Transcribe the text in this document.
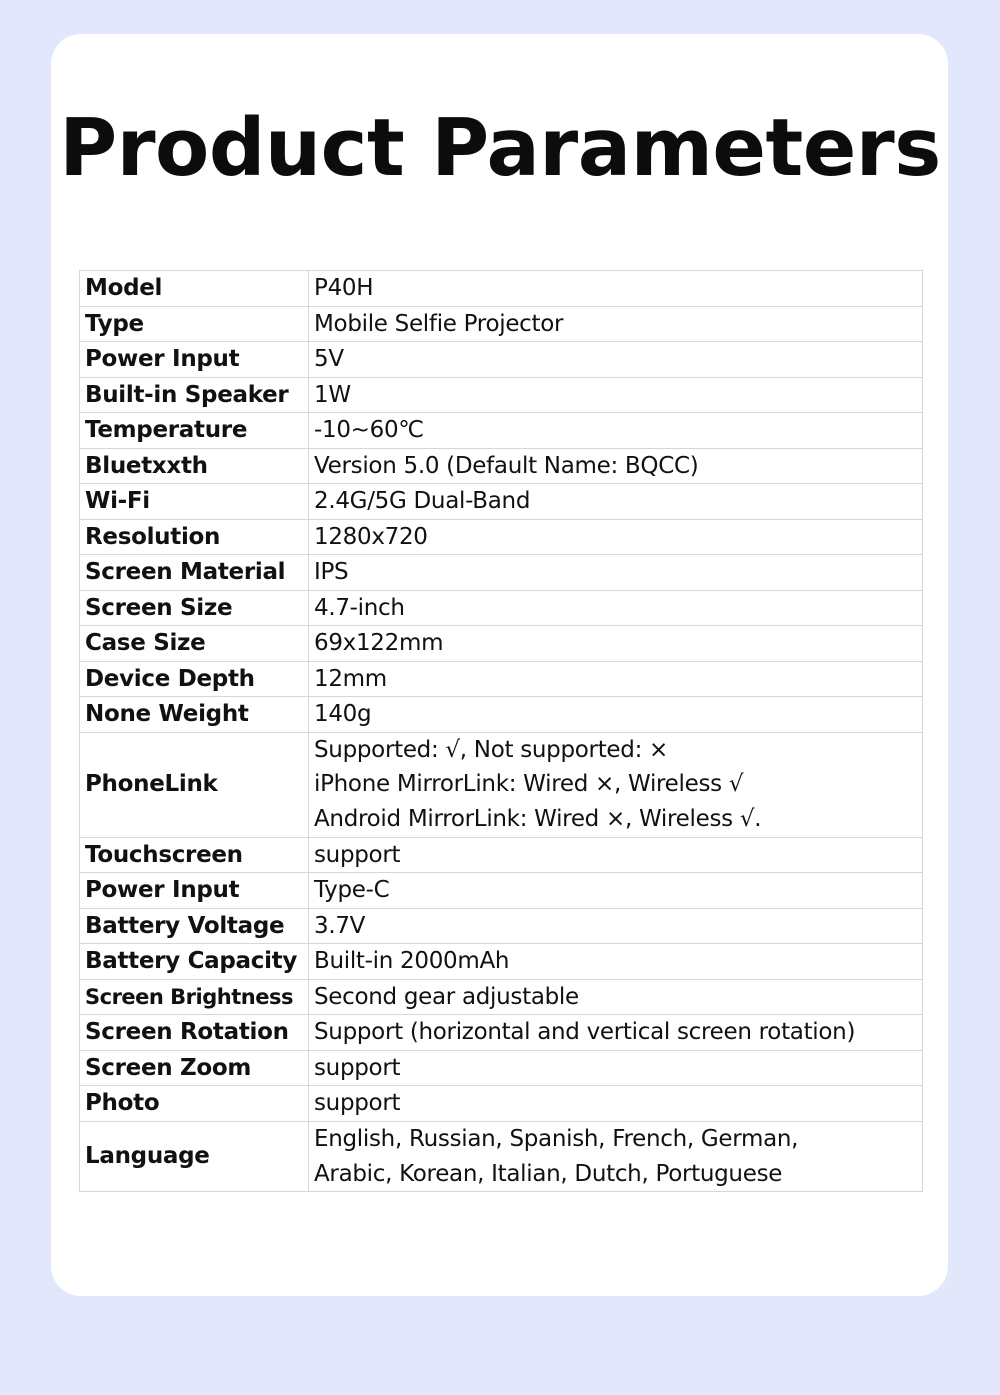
Product Parameters
Model	P40H
Type	Mobile Selfie Projector
Power Input	5V
Built-in Speaker	1W
Temperature	-10~60℃
Bluetxxth	Version 5.0 (Default Name: BQCC)
Wi-Fi	2.4G/5G Dual-Band
Resolution	1280x720
Screen Material	IPS
Screen Size	4.7-inch
Case Size	69x122mm
Device Depth	12mm
None Weight	140g
PhoneLink	Supported: √, Not supported: ×
iPhone MirrorLink: Wired ×, Wireless √
Android MirrorLink: Wired ×, Wireless √.
Touchscreen	support
Power Input	Type-C
Battery Voltage	3.7V
Battery Capacity	Built-in 2000mAh
Screen Brightness	Second gear adjustable
Screen Rotation	Support (horizontal and vertical screen rotation)
Screen Zoom	support
Photo	support
Language	English, Russian, Spanish, French, German,
Arabic, Korean, Italian, Dutch, Portuguese
